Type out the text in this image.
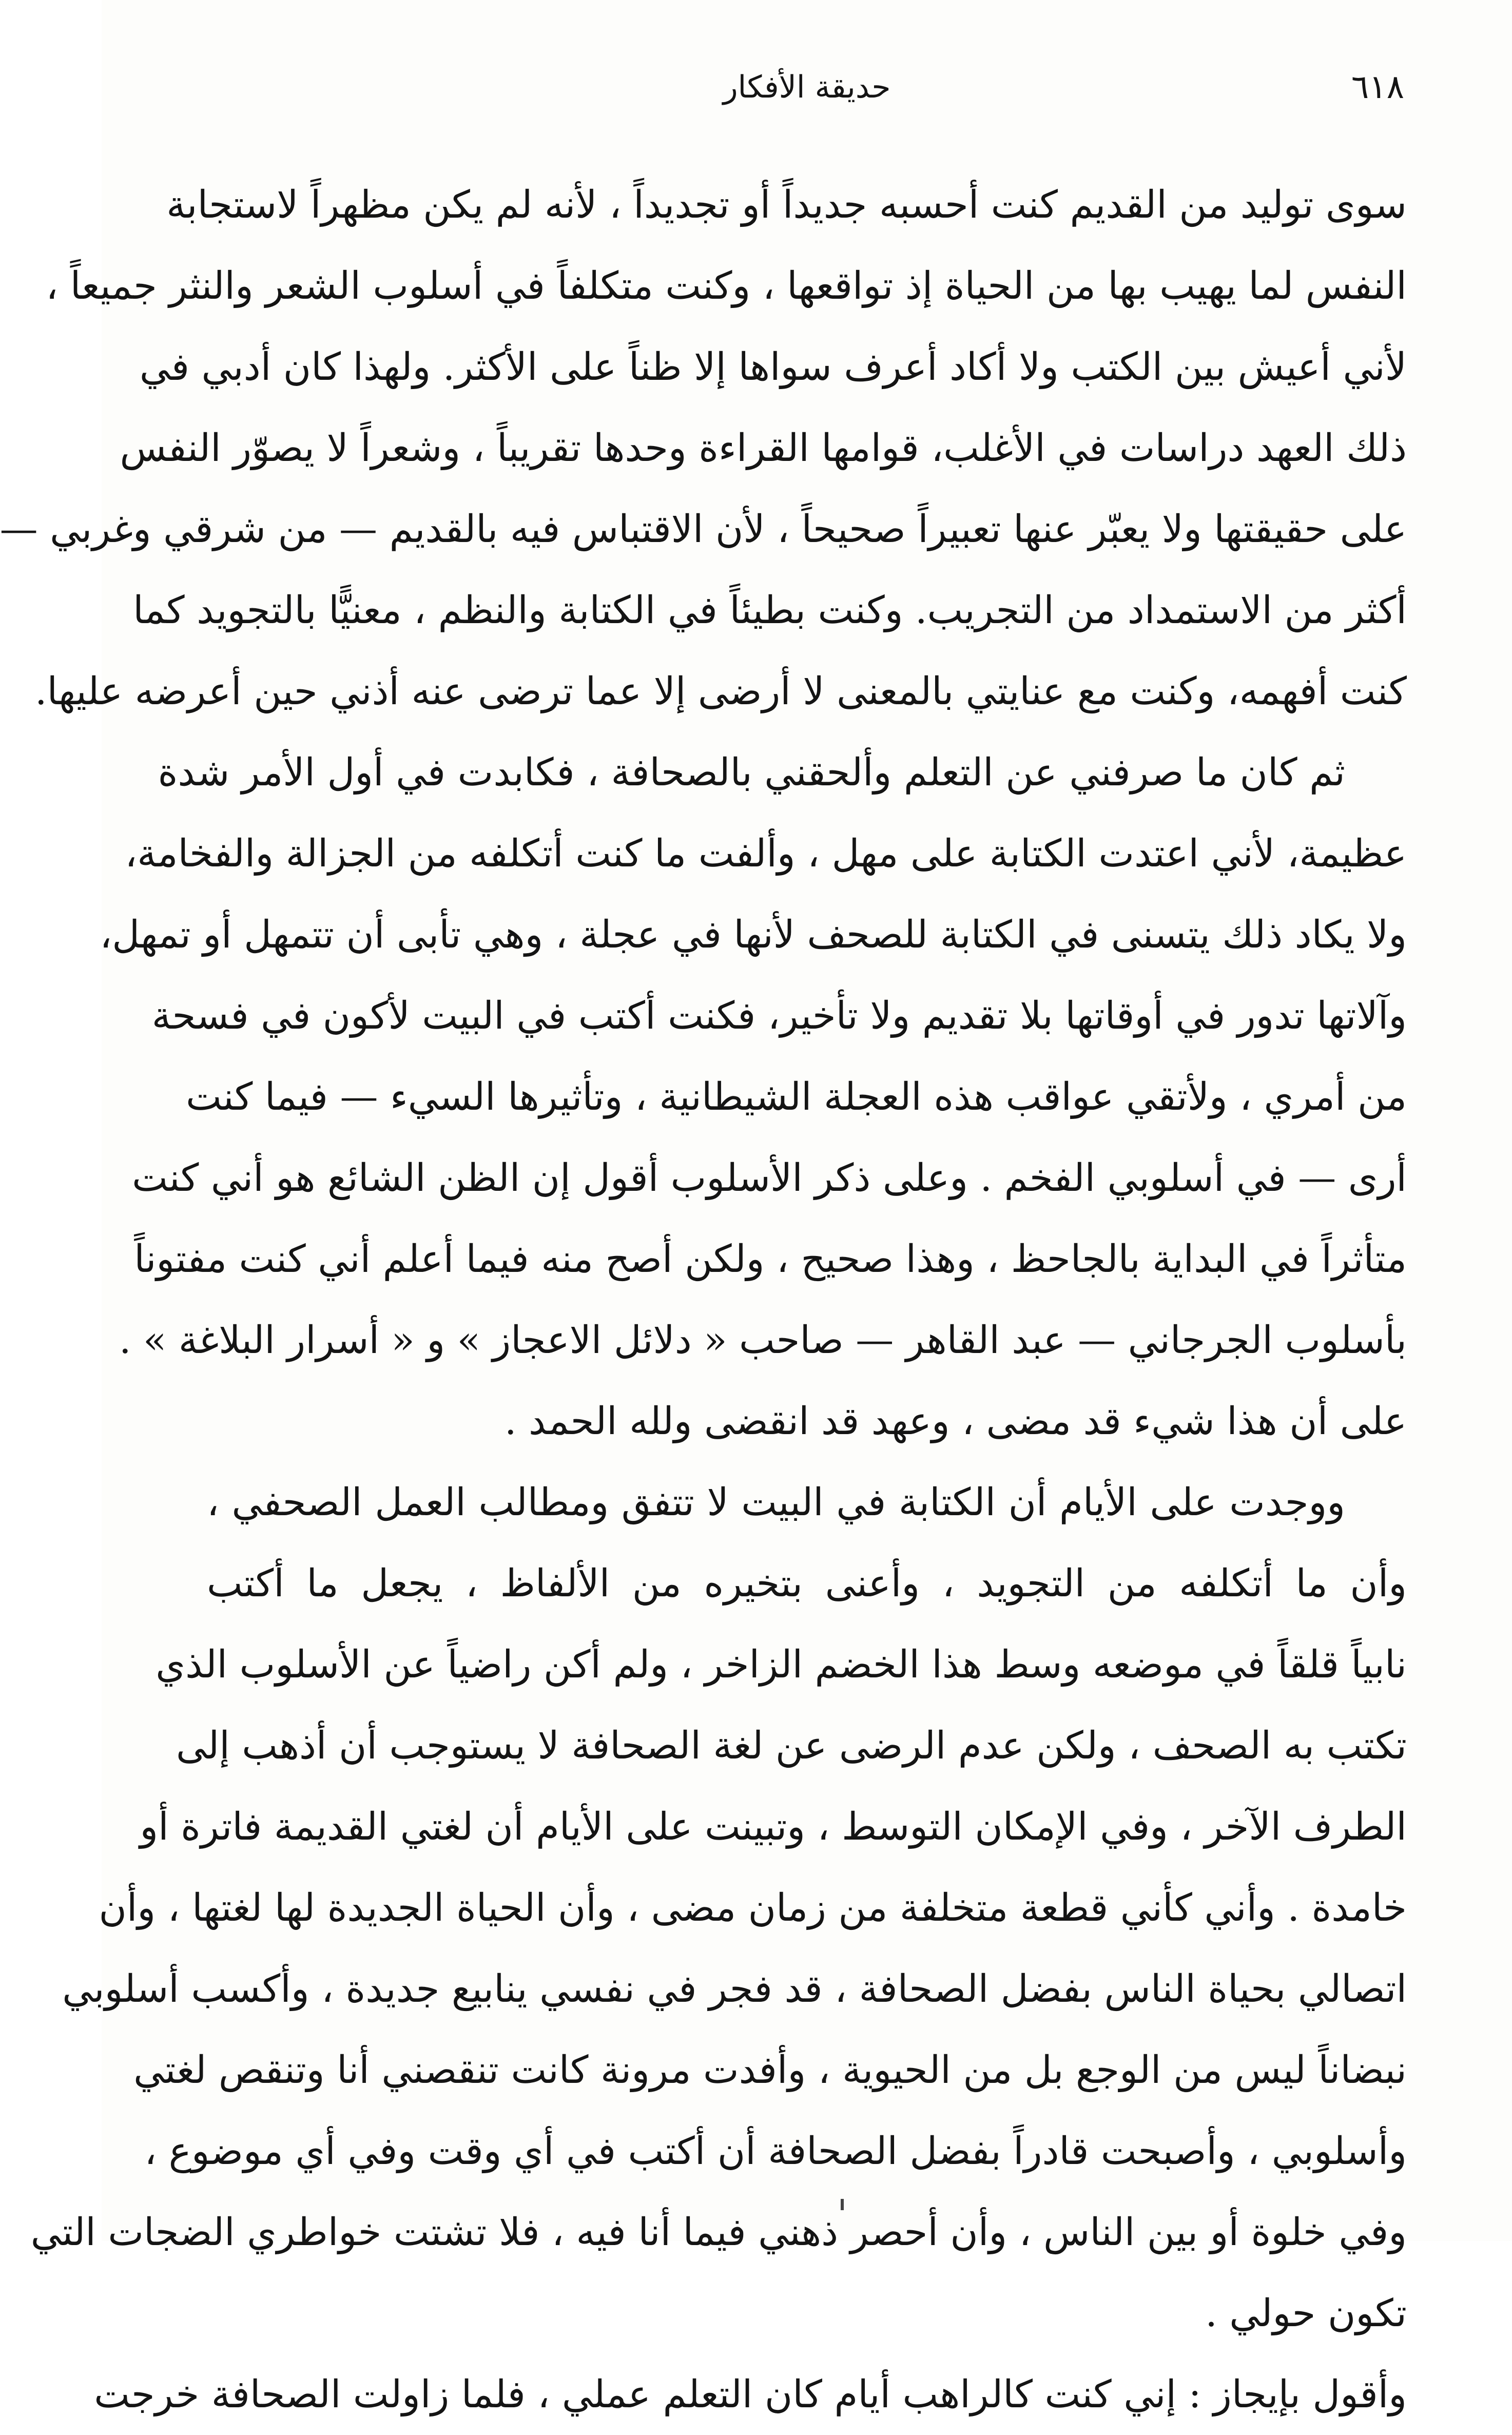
٦١٨
حديقة الأفكار
سوى توليد من القديم كنت أحسبه جديداً أو تجديداً ، لأنه لم يكن مظهراً لاستجابة
النفس لما يهيب بها من الحياة إذ تواقعها ، وكنت متكلفاً في أسلوب الشعر والنثر جميعاً ،
لأني أعيش بين الكتب ولا أكاد أعرف سواها إلا ظناً على الأكثر. ولهذا كان أدبي في
ذلك العهد دراسات في الأغلب، قوامها القراءة وحدها تقريباً ، وشعراً لا يصوّر النفس
على حقيقتها ولا يعبّر عنها تعبيراً صحيحاً ، لأن الاقتباس فيه بالقديم — من شرقي وغربي —
أكثر من الاستمداد من التجريب. وكنت بطيئاً في الكتابة والنظم ، معنيًّا بالتجويد كما
كنت أفهمه، وكنت مع عنايتي بالمعنى لا أرضى إلا عما ترضى عنه أذني حين أعرضه عليها.
ثم كان ما صرفني عن التعلم وألحقني بالصحافة ، فكابدت في أول الأمر شدة
عظيمة، لأني اعتدت الكتابة على مهل ، وألفت ما كنت أتكلفه من الجزالة والفخامة،
ولا يكاد ذلك يتسنى في الكتابة للصحف لأنها في عجلة ، وهي تأبى أن تتمهل أو تمهل،
وآلاتها تدور في أوقاتها بلا تقديم ولا تأخير، فكنت أكتب في البيت لأكون في فسحة
من أمري ، ولأتقي عواقب هذه العجلة الشيطانية ، وتأثيرها السيء — فيما كنت
أرى — في أسلوبي الفخم . وعلى ذكر الأسلوب أقول إن الظن الشائع هو أني كنت
متأثراً في البداية بالجاحظ ، وهذا صحيح ، ولكن أصح منه فيما أعلم أني كنت مفتوناً
بأسلوب الجرجاني — عبد القاهر — صاحب « دلائل الاعجاز » و « أسرار البلاغة » .
على أن هذا شيء قد مضى ، وعهد قد انقضى ولله الحمد .
ووجدت على الأيام أن الكتابة في البيت لا تتفق ومطالب العمل الصحفي ،
وأن ما أتكلفه من التجويد ، وأعنى بتخيره من الألفاظ ، يجعل ما أكتب
نابياً قلقاً في موضعه وسط هذا الخضم الزاخر ، ولم أكن راضياً عن الأسلوب الذي
تكتب به الصحف ، ولكن عدم الرضى عن لغة الصحافة لا يستوجب أن أذهب إلى
الطرف الآخر ، وفي الإمكان التوسط ، وتبينت على الأيام أن لغتي القديمة فاترة أو
خامدة . وأني كأني قطعة متخلفة من زمان مضى ، وأن الحياة الجديدة لها لغتها ، وأن
اتصالي بحياة الناس بفضل الصحافة ، قد فجر في نفسي ينابيع جديدة ، وأكسب أسلوبي
نبضاناً ليس من الوجع بل من الحيوية ، وأفدت مرونة كانت تنقصني أنا وتنقص لغتي
وأسلوبي ، وأصبحت قادراً بفضل الصحافة أن أكتب في أي وقت وفي أي موضوع ،
وفي خلوة أو بين الناس ، وأن أحصر ذهني فيما أنا فيه ، فلا تشتت خواطري الضجات التي
تكون حولي .
وأقول بإيجاز : إني كنت كالراهب أيام كان التعلم عملي ، فلما زاولت الصحافة خرجت
